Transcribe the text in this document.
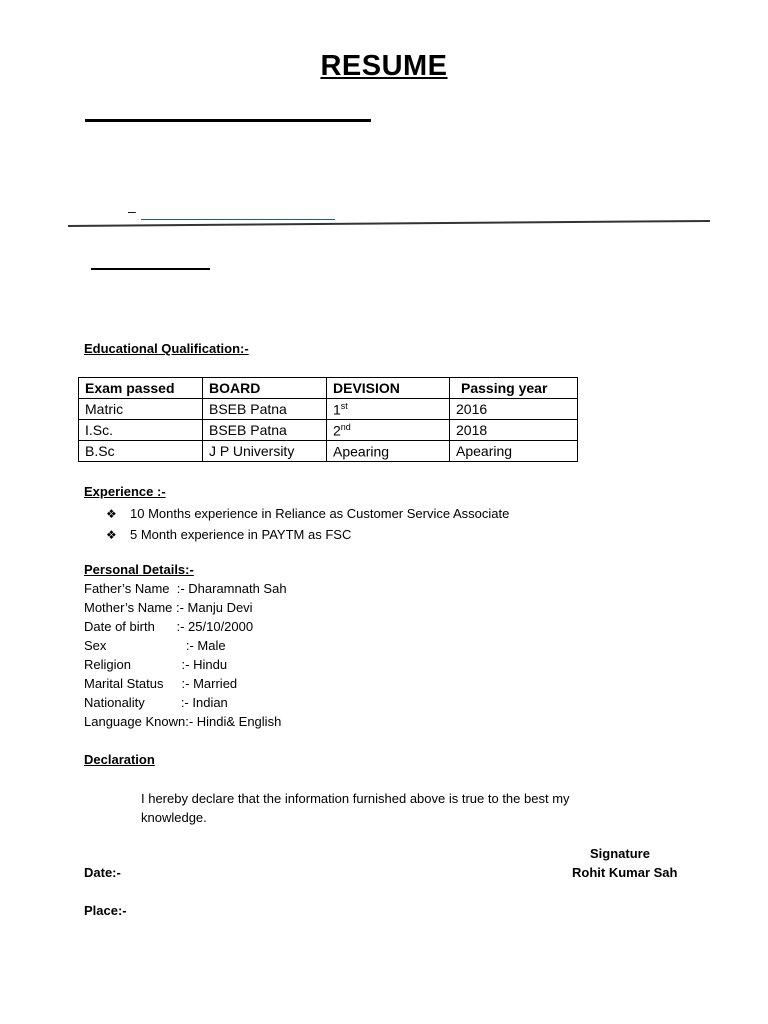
RESUME
–
Educational Qualification:-
Exam passed	BOARD	DEVISION	Passing year
Matric	BSEB Patna	1st	2016
I.Sc.	BSEB Patna	2nd	2018
B.Sc	J P University	Apearing	Apearing
Experience :-
❖	10 Months experience in Reliance as Customer Service Associate
❖	5 Month experience in PAYTM as FSC
Personal Details:-
Father’s Name  :- Dharamnath Sah
Mother’s Name :- Manju Devi
Date of birth      :- 25/10/2000
Sex                      :- Male
Religion              :- Hindu
Marital Status     :- Married
Nationality          :- Indian
Language Known:- Hindi& English
Declaration
I hereby declare that the information furnished above is true to the best my knowledge.
Signature
Date:-	Rohit Kumar Sah
Place:-
